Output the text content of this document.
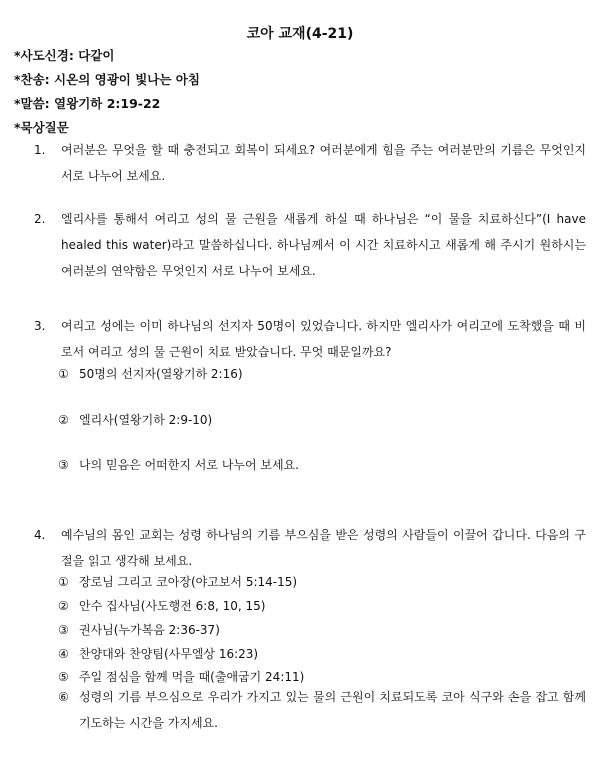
코아 교재(4-21)
*사도신경: 다같이
*찬송: 시온의 영광이 빛나는 아침
*말씀: 열왕기하 2:19-22
*묵상질문
1.	여러분은 무엇을 할 때 충전되고 회복이 되세요? 여러분에게 힘을 주는 여러분만의 기름은 무엇인지 서로 나누어 보세요.
2.	엘리사를 통해서 여리고 성의 물 근원을 새롭게 하실 때 하나님은 “이 물을 치료하신다”(I have healed this water)라고 말씀하십니다. 하나님께서 이 시간 치료하시고 새롭게 해 주시기 원하시는 여러분의 연약함은 무엇인지 서로 나누어 보세요.
3.	여리고 성에는 이미 하나님의 선지자 50명이 있었습니다. 하지만 엘리사가 여리고에 도착했을 때 비로서 여리고 성의 물 근원이 치료 받았습니다. 무엇 때문일까요?
① 50명의 선지자(열왕기하 2:16)
② 엘리사(열왕기하 2:9-10)
③ 나의 믿음은 어떠한지 서로 나누어 보세요.
4.	예수님의 몸인 교회는 성령 하나님의 기름 부으심을 받은 성령의 사람들이 이끌어 갑니다. 다음의 구절을 읽고 생각해 보세요.
① 장로님 그리고 코아장(야고보서 5:14-15)
② 안수 집사님(사도행전 6:8, 10, 15)
③ 권사님(누가복음 2:36-37)
④ 찬양대와 찬양팀(사무엘상 16:23)
⑤ 주일 점심을 함께 먹을 때(출애굽기 24:11)
⑥ 성령의 기름 부으심으로 우리가 가지고 있는 물의 근원이 치료되도록 코아 식구와 손을 잡고 함께 기도하는 시간을 가지세요.
